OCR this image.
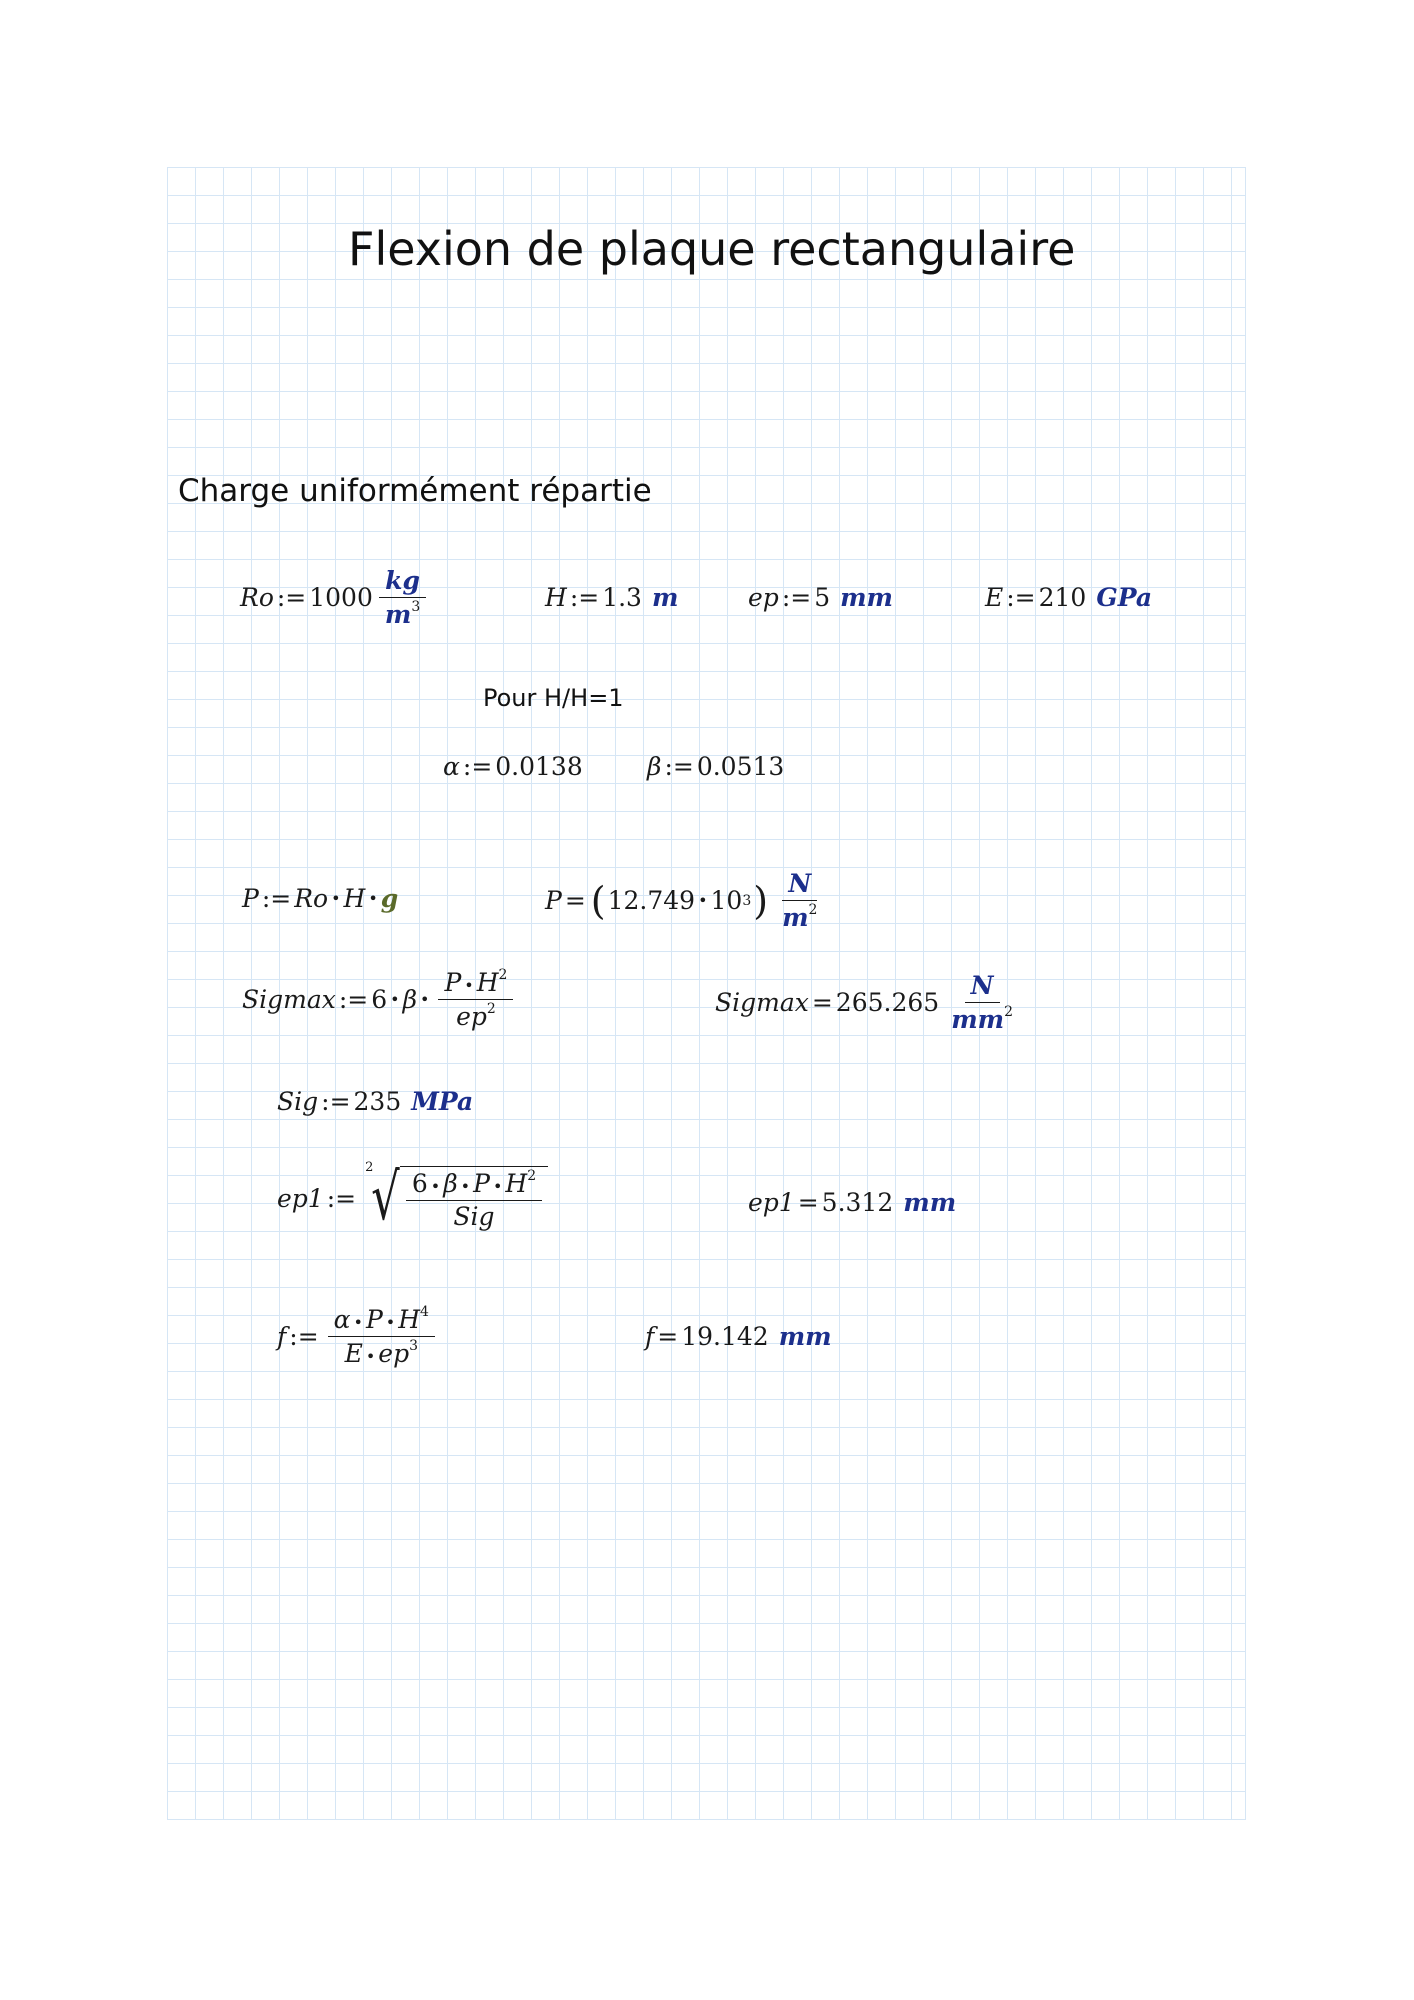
Flexion de plaque rectangulaire
Charge uniformément répartie
Ro := $1000 \frac{kg}{m^3}$	H := 1.3 m	ep := 5 mm	E := 210 GPa
Pour H/H=1
α := 0.0138	β := 0.0513
P := Ro • H • g	P = ( 12.749 • 10 3 ) $\frac{N}{m^2}$
Sigmax := 6 • β • $\frac{P • H^2}{ep^2}$	$Sigmax = 265.265 \frac{N}{mm^2}$
Sig := 235 MPa
ep1 :=
2
√ $\frac{6 • \beta • P • H^2}{\text{Sig}}$	ep1 = 5.312 mm
f := $\frac{\alpha • P • H^4}{E • ep^3}$	f = 19.142 mm
